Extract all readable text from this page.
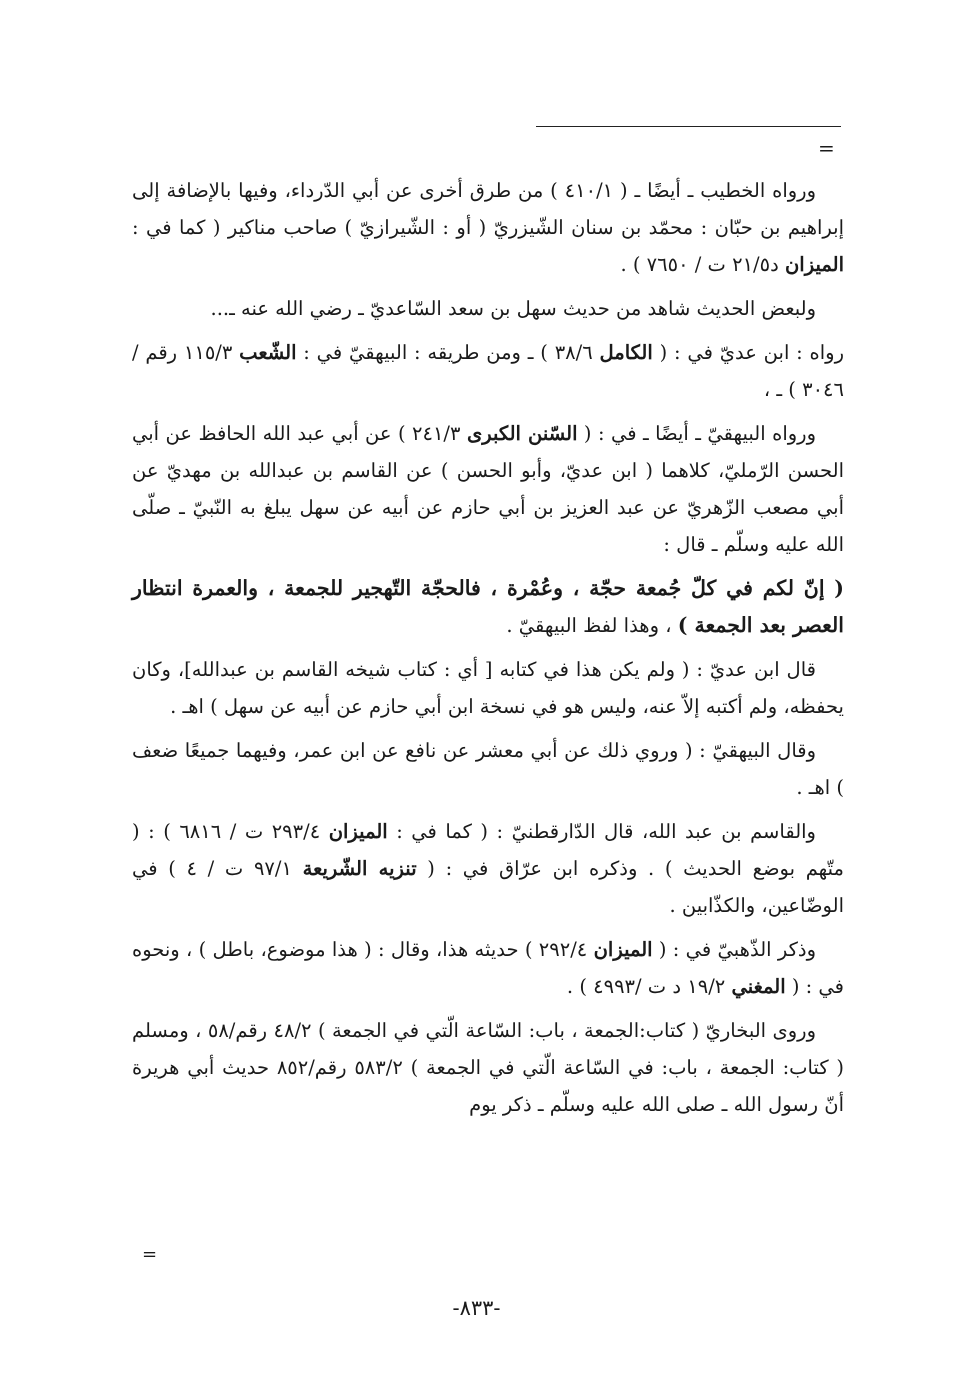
=

ورواه الخطيب ـ أيضًا ـ ( ٤١٠/١ ) من طرق أخرى عن أبي الدّرداء، وفيها بالإضافة إلى إبراهيم بن حبّان : محمّد بن سنان الشّيزريّ ( أو : الشّيرازيّ ) صاحب مناكير ( كما في : الميزان د٢١/٥ ت / ٧٦٥٠ ) .

ولبعض الحديث شاهد من حديث سهل بن سعد السّاعديّ ـ رضي الله عنه ـ...

رواه : ابن عديّ في : ( الكامل ٣٨/٦ ) ـ ومن طريقه : البيهقيّ في : الشّعب ١١٥/٣ رقم / ٣٠٤٦ ) ـ ،

ورواه البيهقيّ ـ أيضًا ـ في : ( السّنن الكبرى ٢٤١/٣ ) عن أبي عبد الله الحافظ عن أبي الحسن الرّمليّ، كلاهما ( ابن عديّ، وأبو الحسن ) عن القاسم بن عبدالله بن مهديّ عن أبي مصعب الزّهريّ عن عبد العزيز بن أبي حازم عن أبيه عن سهل يبلغ به النّبيّ ـ صلّى الله عليه وسلّم ـ قال :

( إنّ لكم في كلّ جُمعة حجّة ، وعُمْرة ، فالحجّة التّهجير للجمعة ، والعمرة انتظار العصر بعد الجمعة ) ، وهذا لفظ البيهقيّ .

قال ابن عديّ : ( ولم يكن هذا في كتابه [ أي : كتاب شيخه القاسم بن عبدالله]، وكان يحفظه، ولم أكتبه إلاّ عنه، وليس هو في نسخة ابن أبي حازم عن أبيه عن سهل ) اهـ .

وقال البيهقيّ : ( وروي ذلك عن أبي معشر عن نافع عن ابن عمر، وفيهما جميعًا ضعف ) اهـ .

والقاسم بن عبد الله، قال الدّارقطنيّ : ( كما في : الميزان ٢٩٣/٤ ت / ٦٨١٦ ) : ( متّهم بوضع الحديث ) . وذكره ابن عرّاق في : ( تنزيه الشّريعة ٩٧/١ ت / ٤ ) في الوضّاعين، والكذّابين .

وذكر الذّهبيّ في : ( الميزان ٢٩٢/٤ ) حديثه هذا، وقال : ( هذا موضوع، باطل ) ، ونحوه في : ( المغني ١٩/٢ د ت /٤٩٩٣ ) .

وروى البخاريّ ( كتاب:الجمعة ، باب: السّاعة الّتي في الجمعة ) ٤٨/٢ رقم/٥٨ ، ومسلم ( كتاب: الجمعة ، باب: في السّاعة الّتي في الجمعة ) ٥٨٣/٢ رقم/٨٥٢ حديث أبي هريرة أنّ رسول الله ـ صلى الله عليه وسلّم ـ ذكر يوم

=
-٨٣٣-
